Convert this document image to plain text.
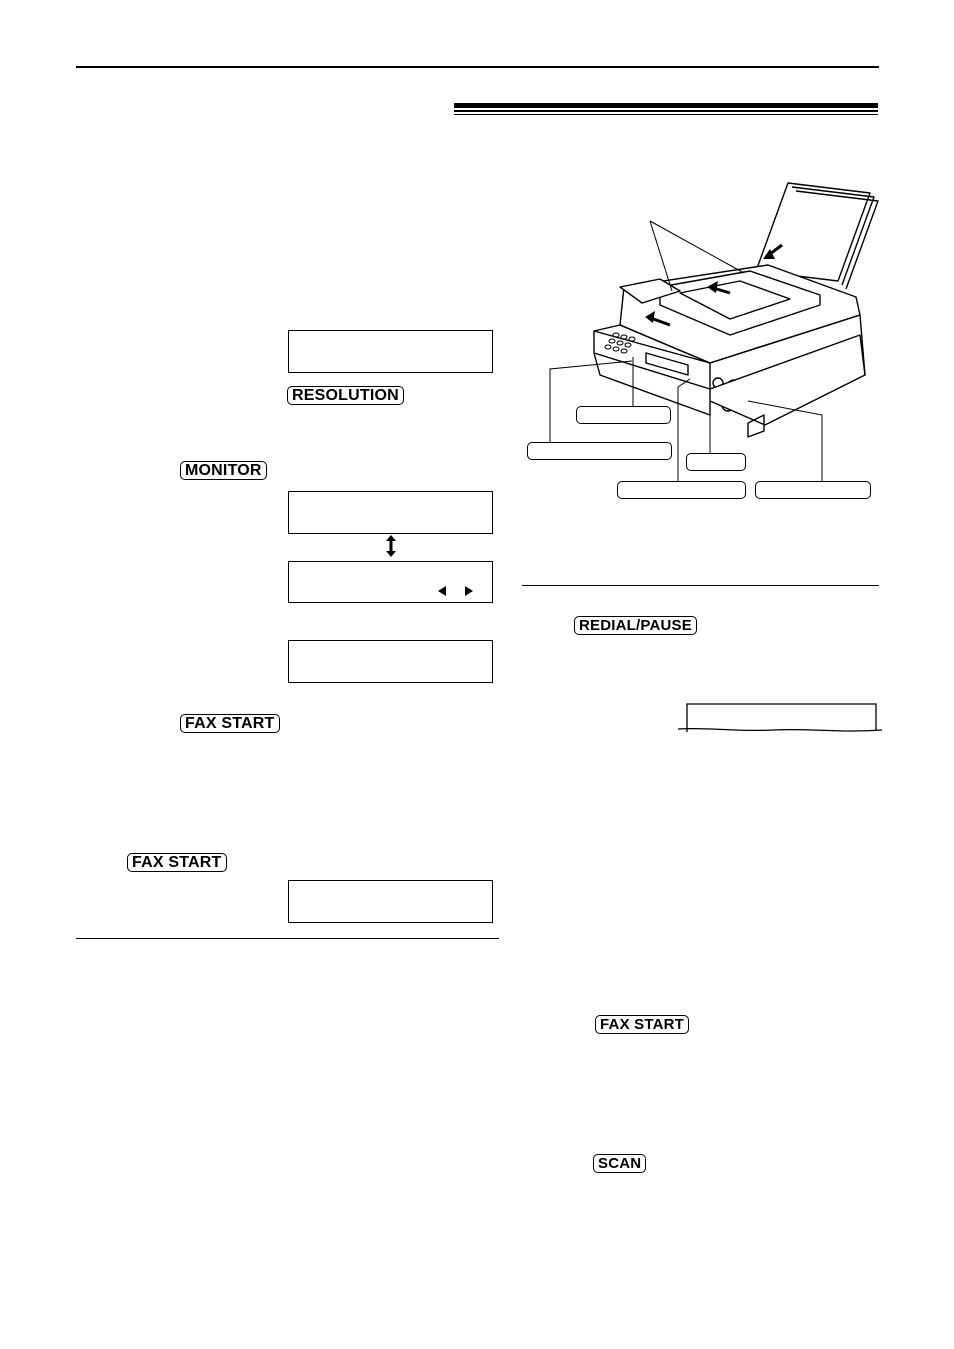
RESOLUTION
MONITOR
FAX START
FAX START
REDIAL/PAUSE
FAX START
SCAN
